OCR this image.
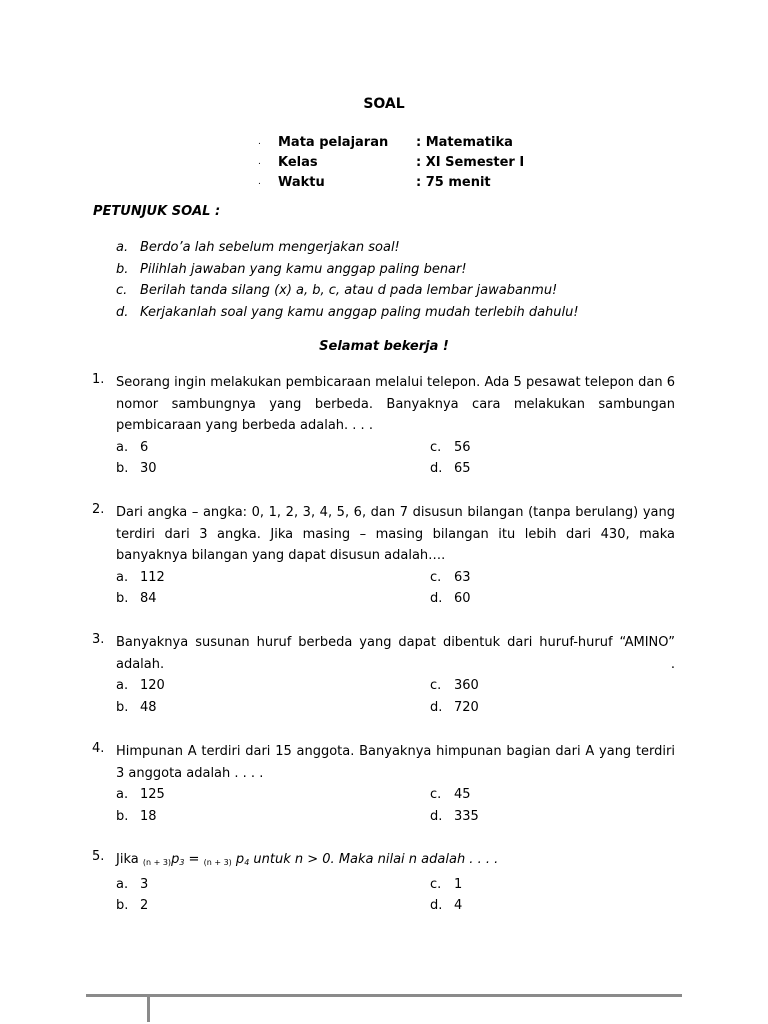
SOAL
. Mata pelajaran : Matematika
. Kelas	: XI Semester I
. Waktu	: 75 menit
PETUNJUK SOAL :
a. Berdo’a lah sebelum mengerjakan soal!
b. Pilihlah jawaban yang kamu anggap paling benar!
c. Berilah tanda silang (x) a, b, c, atau d pada lembar jawabanmu!
d. Kerjakanlah soal yang kamu anggap paling mudah terlebih dahulu!
Selamat bekerja !
1. Seorang ingin melakukan pembicaraan melalui telepon. Ada 5 pesawat telepon dan 6 nomor sambungnya yang berbeda. Banyaknya cara melakukan sambungan pembicaraan yang berbeda adalah. . . .
a. 6	c. 56
b. 30	d. 65
2. Dari angka – angka: 0, 1, 2, 3, 4, 5, 6, dan 7 disusun bilangan (tanpa berulang) yang terdiri dari 3 angka. Jika masing – masing bilangan itu lebih dari 430, maka banyaknya bilangan yang dapat disusun adalah….
a. 112	c. 63
b. 84	d. 60
3. Banyaknya susunan huruf berbeda yang dapat dibentuk dari huruf-huruf “AMINO” adalah.	.
a. 120	c. 360
b. 48	d. 720
4. Himpunan A terdiri dari 15 anggota. Banyaknya himpunan bagian dari A yang terdiri 3 anggota adalah . . . .
a. 125	c. 45
b. 18	d. 335
5. Jika $_{(n + 3)}p_3 = _{(n + 3)}$ $p_4$ untuk n > 0. Maka nilai n adalah . . . .
a. 3	c. 1
b. 2	d. 4
